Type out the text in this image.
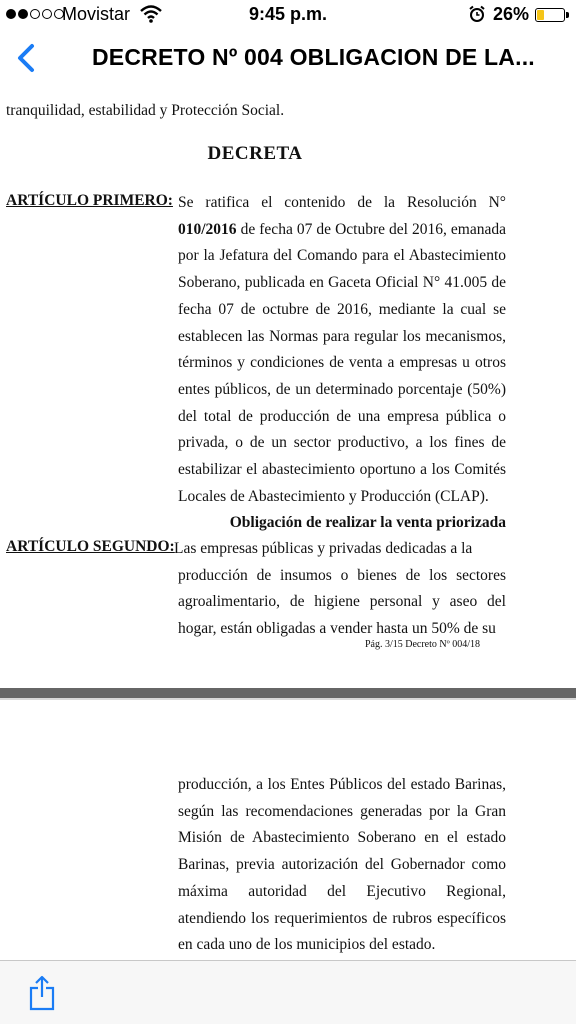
Movistar	9:45 p.m.	26%
DECRETO Nº 004 OBLIGACION DE LA...
tranquilidad, estabilidad y Protección Social.
DECRETA
ARTÍCULO PRIMERO: Se ratifica el contenido de la Resolución N° 010/2016 de fecha 07 de Octubre del 2016, emanada por la Jefatura del Comando para el Abastecimiento Soberano, publicada en Gaceta Oficial N° 41.005 de fecha 07 de octubre de 2016, mediante la cual se establecen las Normas para regular los mecanismos, términos y condiciones de venta a empresas u otros entes públicos, de un determinado porcentaje (50%) del total de producción de una empresa pública o privada, o de un sector productivo, a los fines de estabilizar el abastecimiento oportuno a los Comités Locales de Abastecimiento y Producción (CLAP).
Obligación de realizar la venta priorizada
ARTÍCULO SEGUNDO: Las empresas públicas y privadas dedicadas a la
producción de insumos o bienes de los sectores agroalimentario, de higiene personal y aseo del hogar, están obligadas a vender hasta un 50% de su
Pág. 3/15 Decreto Nº 004/18
producción, a los Entes Públicos del estado Barinas, según las recomendaciones generadas por la Gran Misión de Abastecimiento Soberano en el estado Barinas, previa autorización del Gobernador como máxima autoridad del Ejecutivo Regional, atendiendo los requerimientos de rubros específicos en cada uno de los municipios del estado.
